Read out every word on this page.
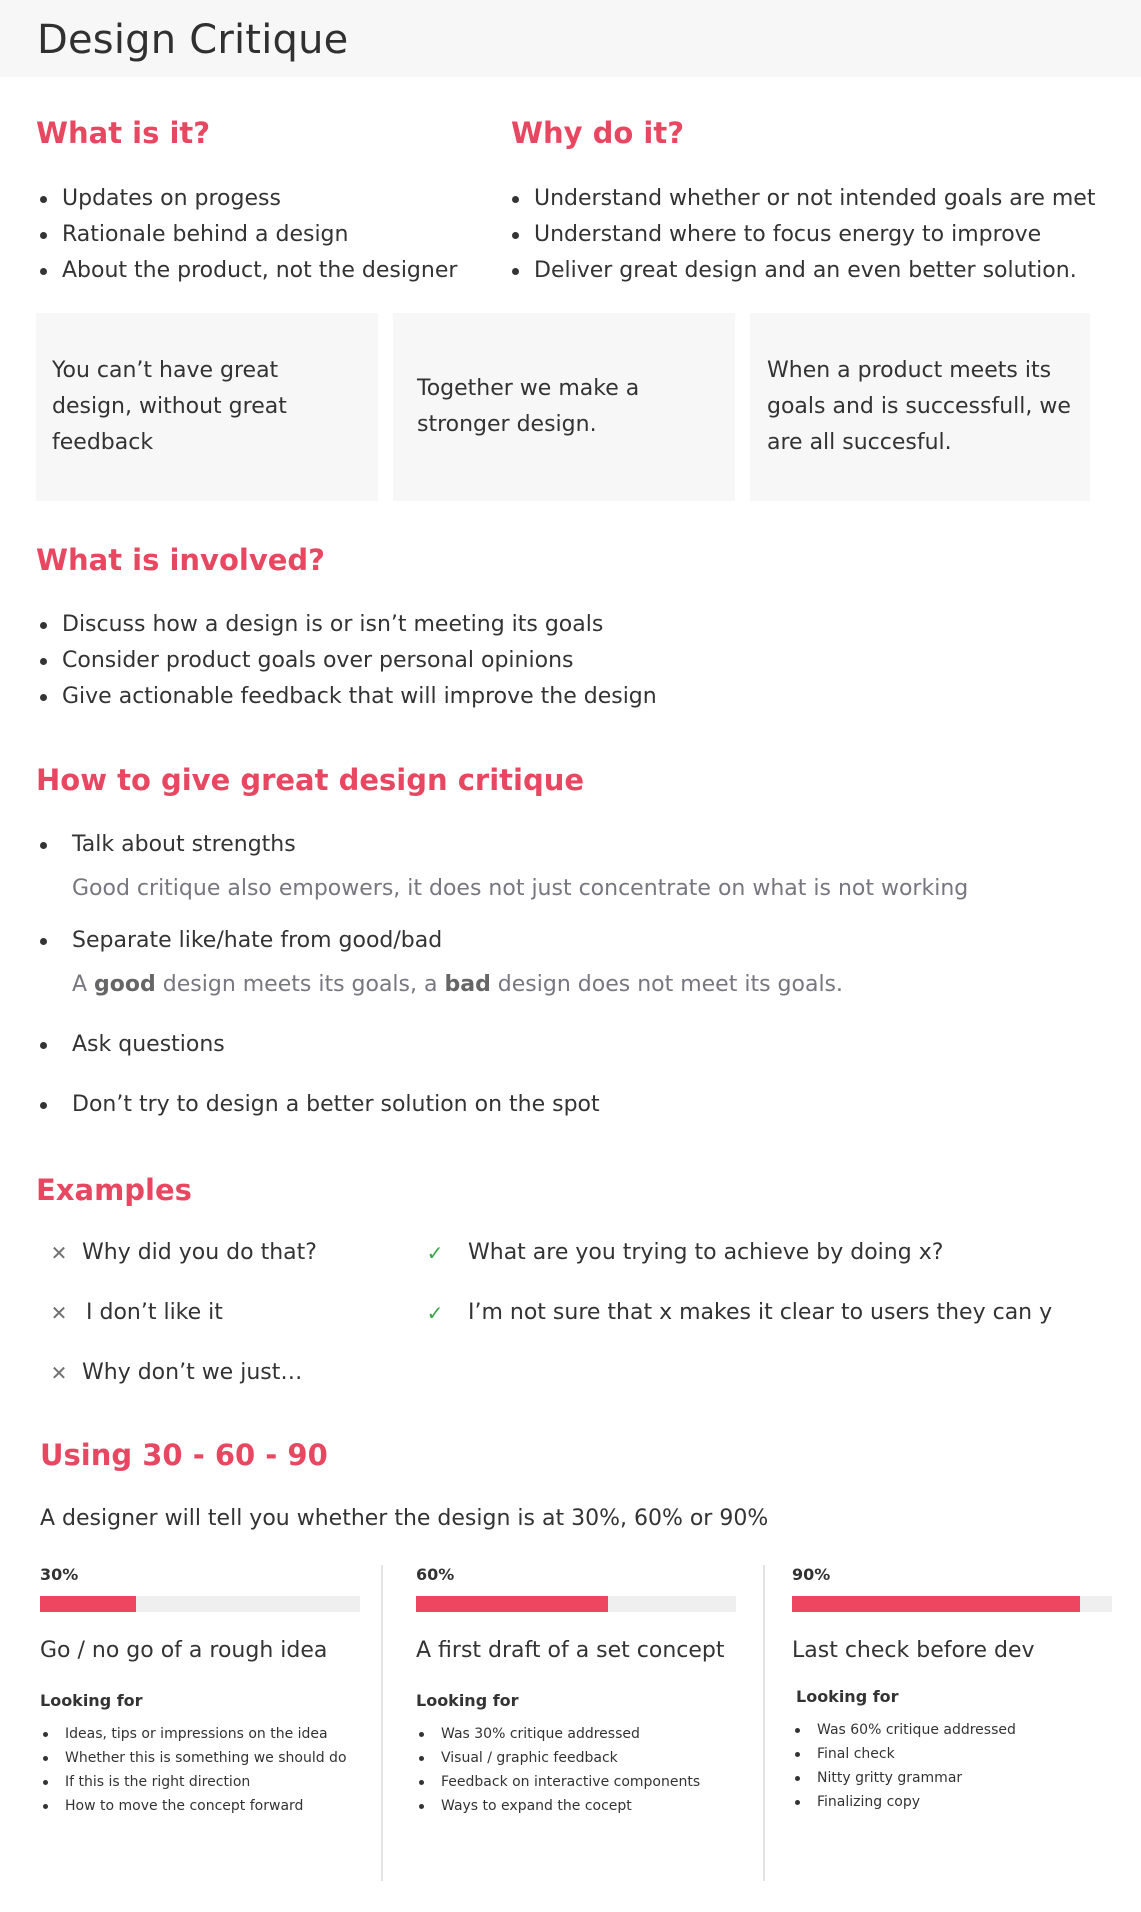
Design Critique
What is it?
Updates on progess
Rationale behind a design
About the product, not the designer
Why do it?
Understand whether or not intended goals are met
Understand where to focus energy to improve
Deliver great design and an even better solution.

You can’t have great design, without great feedback

Together we make a stronger design.

When a product meets its goals and is successfull, we are all succesful.

What is involved?
Discuss how a design is or isn’t meeting its goals
Consider product goals over personal opinions
Give actionable feedback that will improve the design
How to give great design critique
Talk about strengths
Good critique also empowers, it does not just concentrate on what is not working
Separate like/hate from good/bad
A good design meets its goals, a bad design does not meet its goals.
Ask questions
Don’t try to design a better solution on the spot
Examples
✕ Why did you do that?
✕ I don’t like it
✕ Why don’t we just…
✓ What are you trying to achieve by doing x?
✓ I’m not sure that x makes it clear to users they can y
Using 30 - 60 - 90
A designer will tell you whether the design is at 30%, 60% or 90%
30%
Go / no go of a rough idea
Looking for
Ideas, tips or impressions on the idea
Whether this is something we should do
If this is the right direction
How to move the concept forward
60%
A first draft of a set concept
Looking for
Was 30% critique addressed
Visual / graphic feedback
Feedback on interactive components
Ways to expand the cocept
90%
Last check before dev
Looking for
Was 60% critique addressed
Final check
Nitty gritty grammar
Finalizing copy
